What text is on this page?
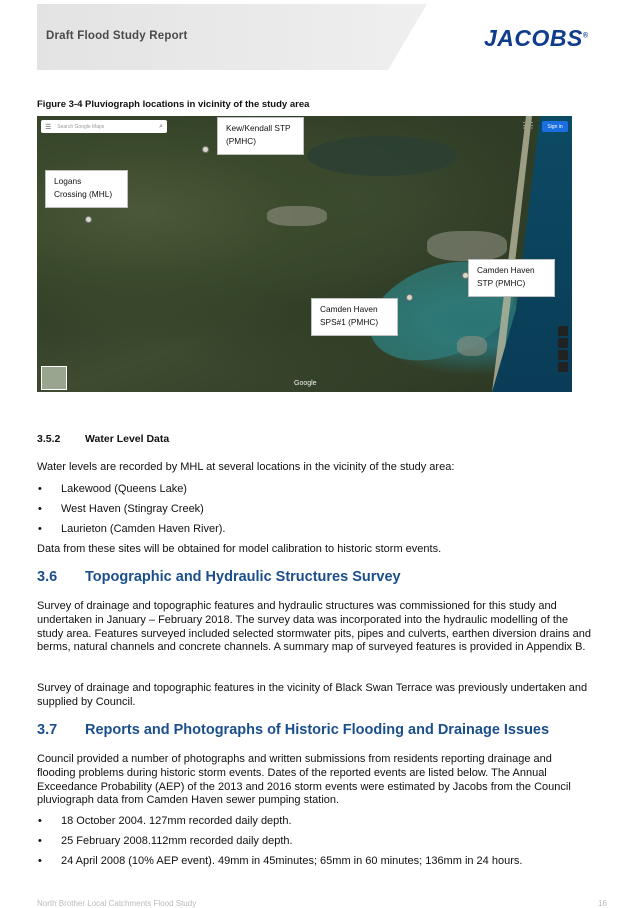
Draft Flood Study Report	JACOBS®
Figure 3-4 Pluviograph locations in vicinity of the study area
☰ Search Google Maps	⌕	⋮⋮	Sign in
Kew/Kendall STP
(PMHC)
Logans
Crossing (MHL)
Camden Haven
STP (PMHC)
Camden Haven
SPS#1 (PMHC)
Google
3.5.2 Water Level Data
Water levels are recorded by MHL at several locations in the vicinity of the study area:
• Lakewood (Queens Lake)
• West Haven (Stingray Creek)
• Laurieton (Camden Haven River).
Data from these sites will be obtained for model calibration to historic storm events.
3.6 Topographic and Hydraulic Structures Survey
Survey of drainage and topographic features and hydraulic structures was commissioned for this study and undertaken in January – February 2018. The survey data was incorporated into the hydraulic modelling of the study area. Features surveyed included selected stormwater pits, pipes and culverts, earthen diversion drains and berms, natural channels and concrete channels. A summary map of surveyed features is provided in Appendix B.
Survey of drainage and topographic features in the vicinity of Black Swan Terrace was previously undertaken and supplied by Council.
3.7 Reports and Photographs of Historic Flooding and Drainage Issues
Council provided a number of photographs and written submissions from residents reporting drainage and flooding problems during historic storm events. Dates of the reported events are listed below. The Annual Exceedance Probability (AEP) of the 2013 and 2016 storm events were estimated by Jacobs from the Council pluviograph data from Camden Haven sewer pumping station.
• 18 October 2004. 127mm recorded daily depth.
• 25 February 2008.112mm recorded daily depth.
• 24 April 2008 (10% AEP event). 49mm in 45minutes; 65mm in 60 minutes; 136mm in 24 hours.
North Brother Local Catchments Flood Study	16
